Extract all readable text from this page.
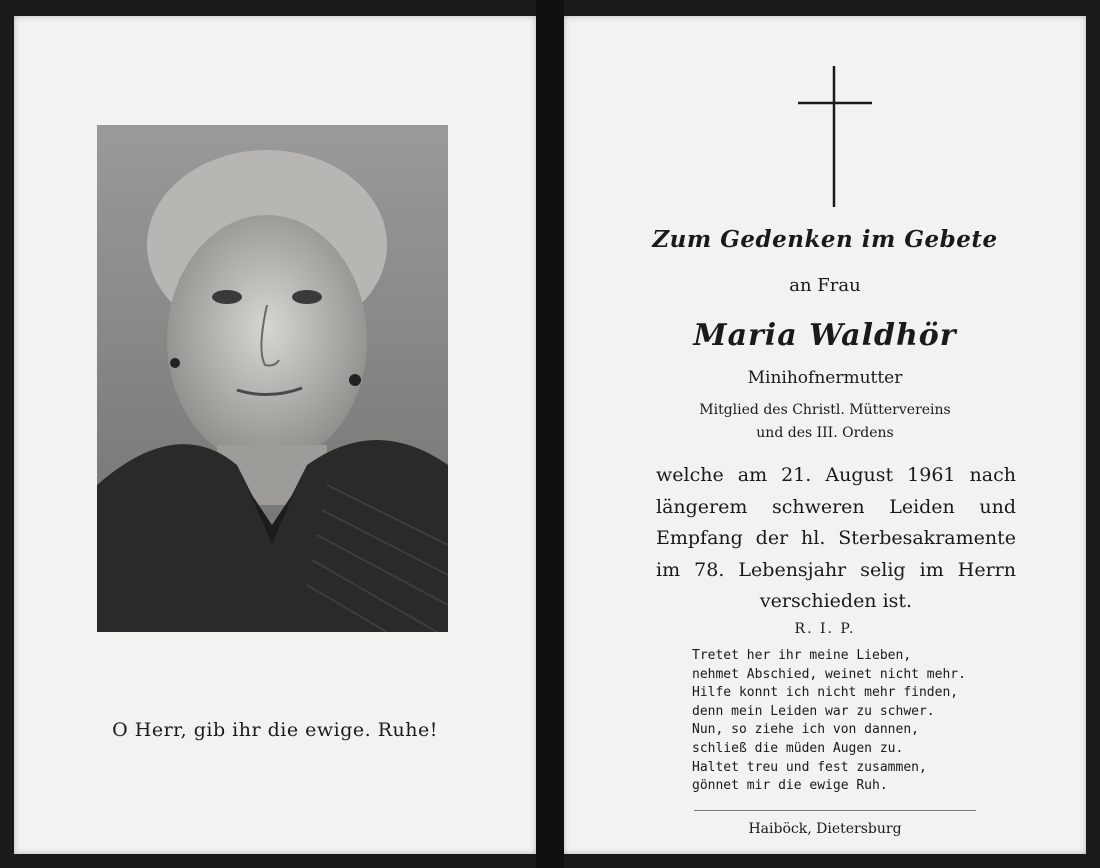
O Herr, gib ihr die ewige. Ruhe!
Zum Gedenken im Gebete
an Frau
Maria Waldhör
Minihofnermutter
Mitglied des Christl. Müttervereins
und des III. Ordens
welche am 21. August 1961 nach
längerem schweren Leiden und
Empfang der hl. Sterbesakramente
im 78. Lebensjahr selig im Herrn
verschieden ist.
R. I. P.
Tretet her ihr meine Lieben,
nehmet Abschied, weinet nicht mehr.
Hilfe konnt ich nicht mehr finden,
denn mein Leiden war zu schwer.
Nun, so ziehe ich von dannen,
schließ die müden Augen zu.
Haltet treu und fest zusammen,
gönnet mir die ewige Ruh.
Haiböck, Dietersburg
